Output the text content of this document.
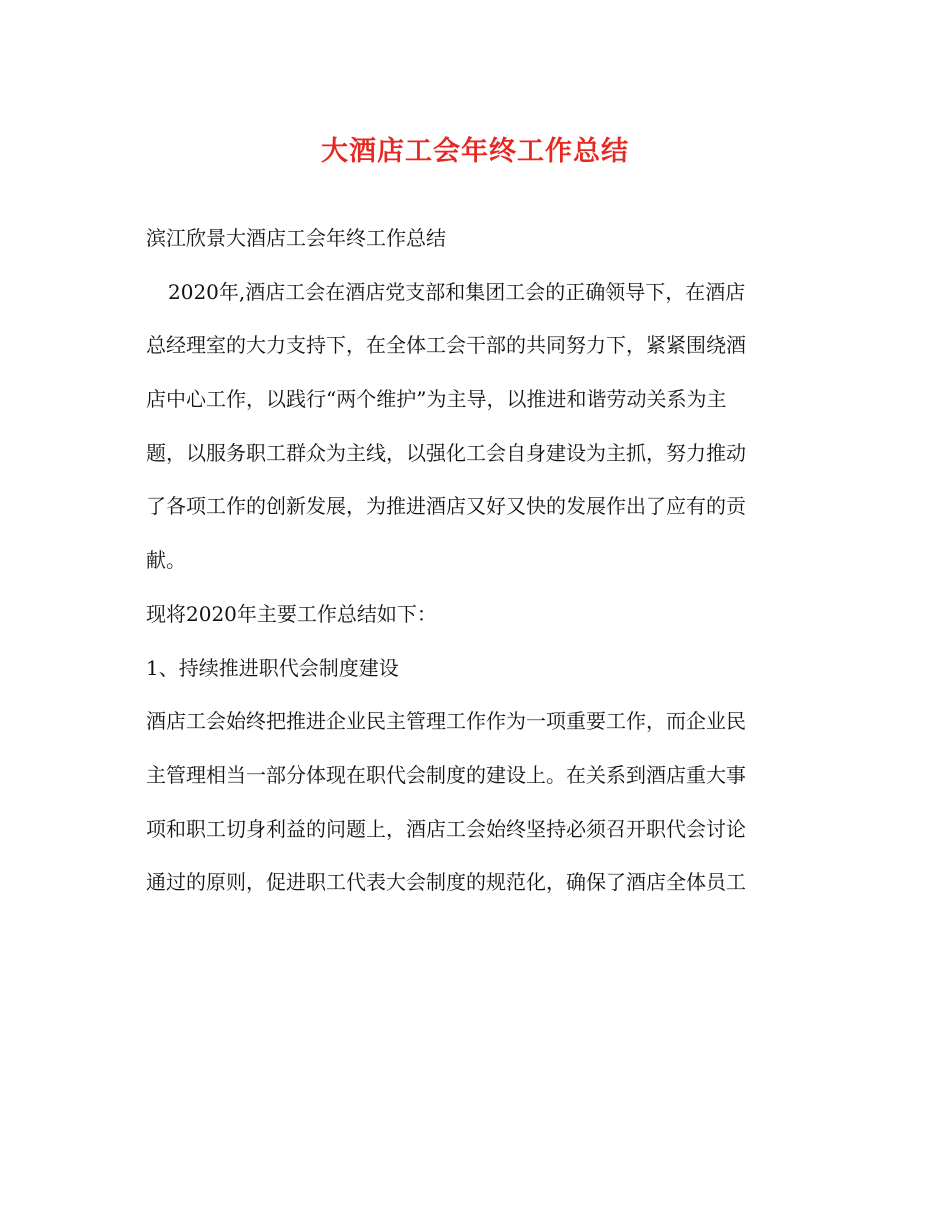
大酒店工会年终工作总结
滨江欣景大酒店工会年终工作总结
2020年,酒店工会在酒店党支部和集团工会的正确领导下，在酒店
总经理室的大力支持下，在全体工会干部的共同努力下，紧紧围绕酒
店中心工作，以践行“两个维护”为主导，以推进和谐劳动关系为主
题，以服务职工群众为主线，以强化工会自身建设为主抓，努力推动
了各项工作的创新发展，为推进酒店又好又快的发展作出了应有的贡
献。
现将2020年主要工作总结如下：
1、持续推进职代会制度建设
酒店工会始终把推进企业民主管理工作作为一项重要工作，而企业民
主管理相当一部分体现在职代会制度的建设上。在关系到酒店重大事
项和职工切身利益的问题上，酒店工会始终坚持必须召开职代会讨论
通过的原则，促进职工代表大会制度的规范化，确保了酒店全体员工
